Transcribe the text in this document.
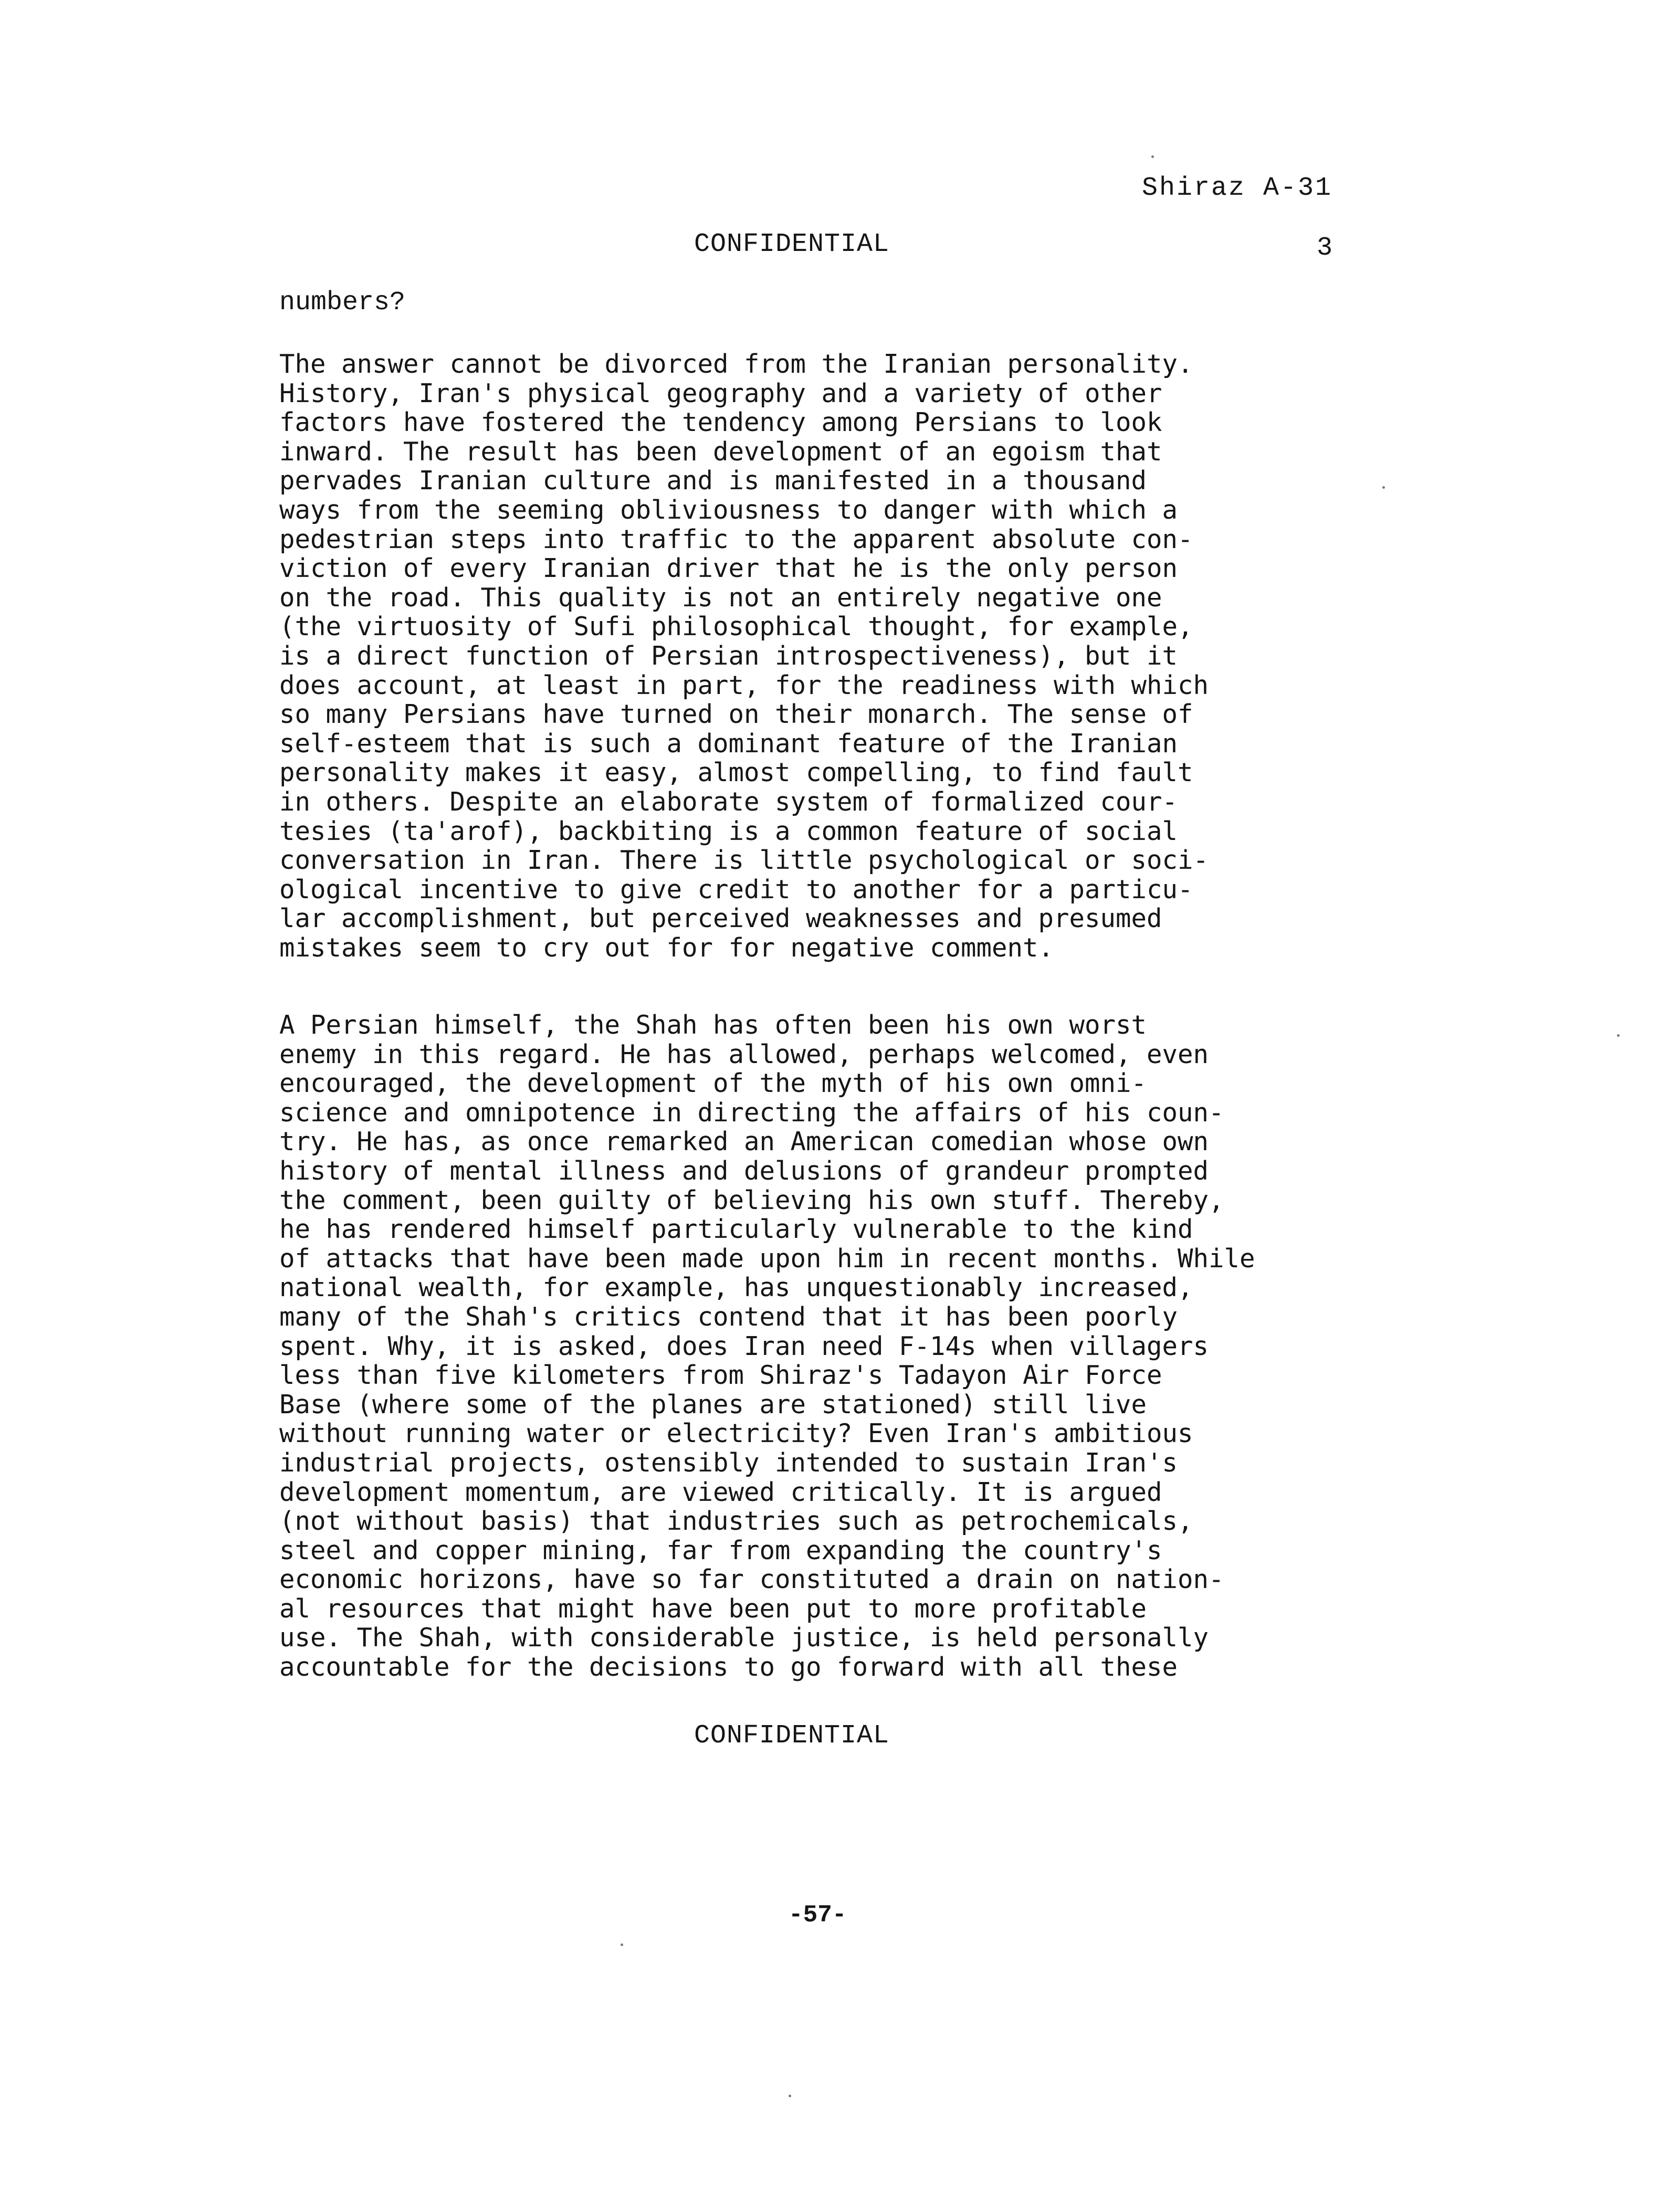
Shiraz A-31
CONFIDENTIAL	3
numbers?
The answer cannot be divorced from the Iranian personality.
History, Iran's physical geography and a variety of other
factors have fostered the tendency among Persians to look
inward. The result has been development of an egoism that
pervades Iranian culture and is manifested in a thousand
ways from the seeming obliviousness to danger with which a
pedestrian steps into traffic to the apparent absolute con-
viction of every Iranian driver that he is the only person
on the road. This quality is not an entirely negative one
(the virtuosity of Sufi philosophical thought, for example,
is a direct function of Persian introspectiveness), but it
does account, at least in part, for the readiness with which
so many Persians have turned on their monarch. The sense of
self-esteem that is such a dominant feature of the Iranian
personality makes it easy, almost compelling, to find fault
in others. Despite an elaborate system of formalized cour-
tesies (ta'arof), backbiting is a common feature of social
conversation in Iran. There is little psychological or soci-
ological incentive to give credit to another for a particu-
lar accomplishment, but perceived weaknesses and presumed
mistakes seem to cry out for for negative comment.
A Persian himself, the Shah has often been his own worst
enemy in this regard. He has allowed, perhaps welcomed, even
encouraged, the development of the myth of his own omni-
science and omnipotence in directing the affairs of his coun-
try. He has, as once remarked an American comedian whose own
history of mental illness and delusions of grandeur prompted
the comment, been guilty of believing his own stuff. Thereby,
he has rendered himself particularly vulnerable to the kind
of attacks that have been made upon him in recent months. While
national wealth, for example, has unquestionably increased,
many of the Shah's critics contend that it has been poorly
spent. Why, it is asked, does Iran need F-14s when villagers
less than five kilometers from Shiraz's Tadayon Air Force
Base (where some of the planes are stationed) still live
without running water or electricity? Even Iran's ambitious
industrial projects, ostensibly intended to sustain Iran's
development momentum, are viewed critically. It is argued
(not without basis) that industries such as petrochemicals,
steel and copper mining, far from expanding the country's
economic horizons, have so far constituted a drain on nation-
al resources that might have been put to more profitable
use. The Shah, with considerable justice, is held personally
accountable for the decisions to go forward with all these
CONFIDENTIAL
-57-
